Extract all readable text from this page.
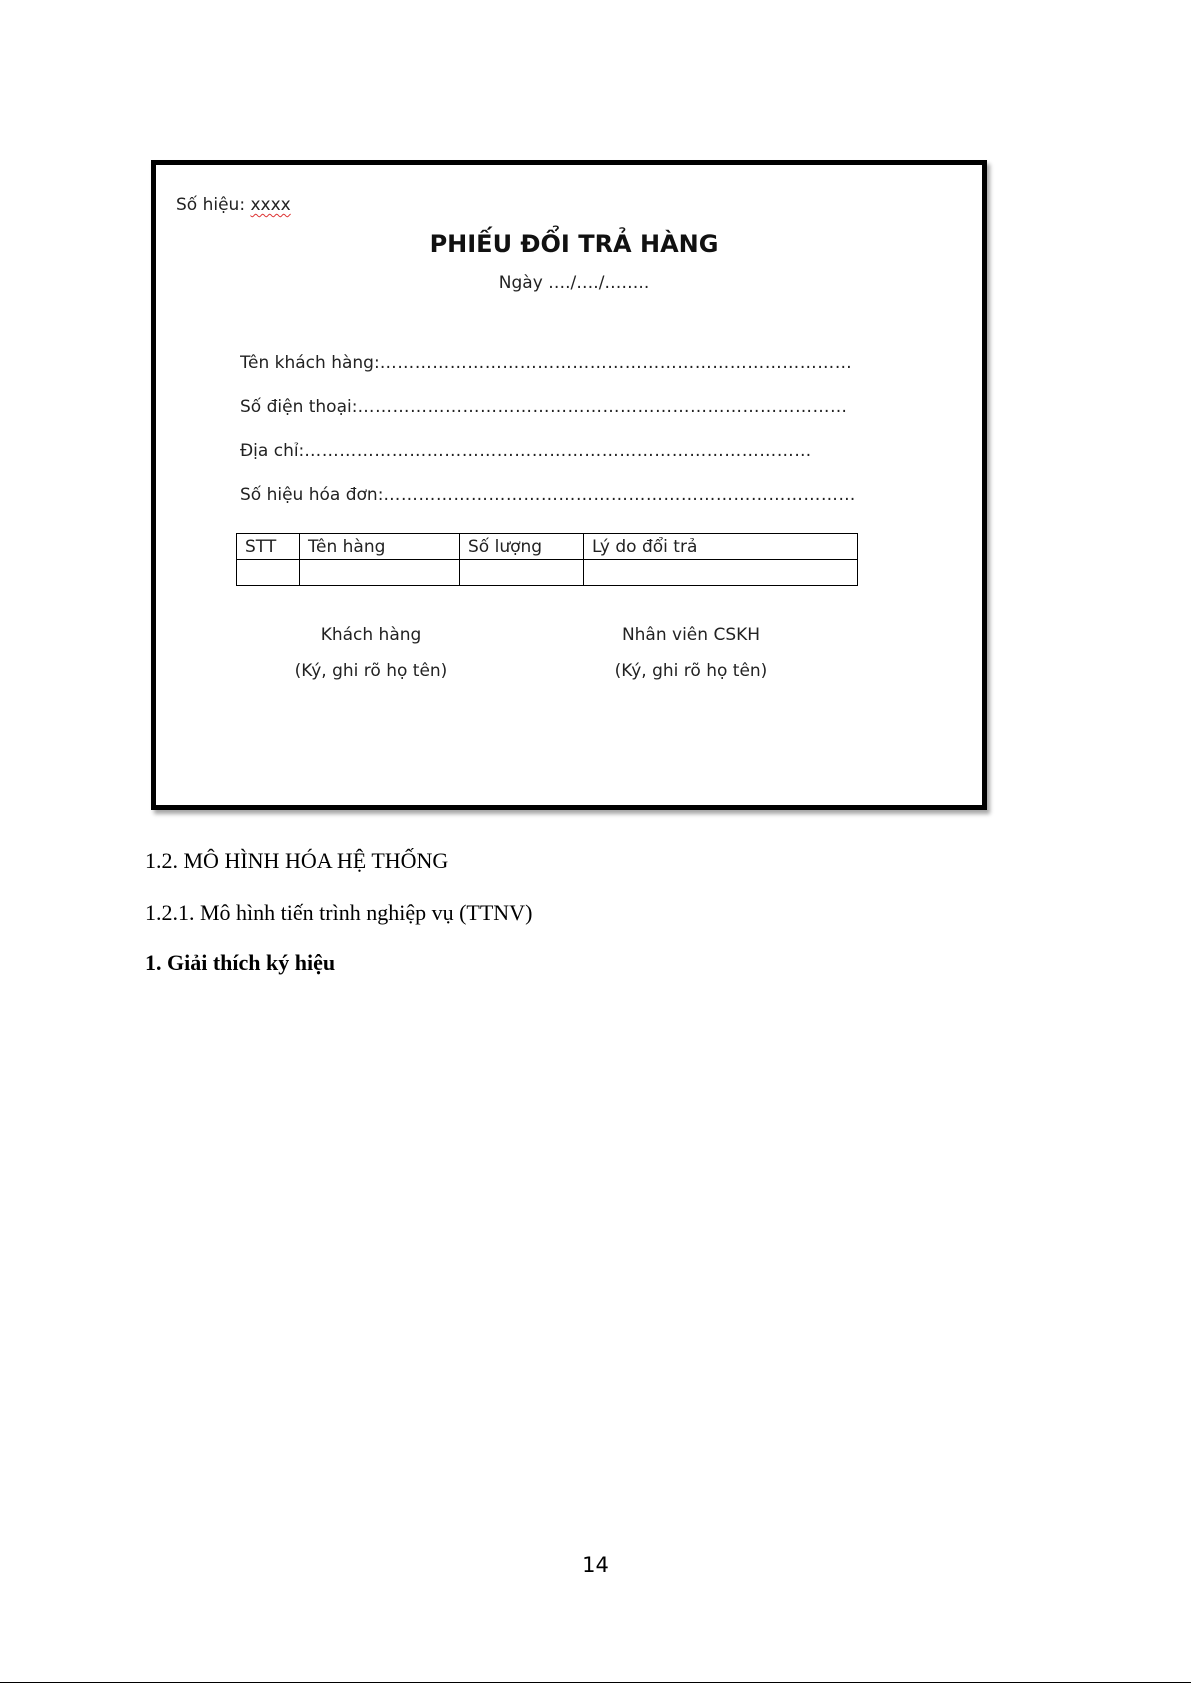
Số hiệu: xxxx
PHIẾU ĐỔI TRẢ HÀNG
Ngày …./…./……..
Tên khách hàng:………………………………………………………………………
Số điện thoại:…………………………………………………………………………
Địa chỉ:……………………………………………………………………………
Số hiệu hóa đơn:………………………………………………………………………
STT	Tên hàng	Số lượng	Lý do đổi trả

Khách hàng
(Ký, ghi rõ họ tên)
Nhân viên CSKH
(Ký, ghi rõ họ tên)
1.2. MÔ HÌNH HÓA HỆ THỐNG
1.2.1. Mô hình tiến trình nghiệp vụ (TTNV)
1. Giải thích ký hiệu
14
